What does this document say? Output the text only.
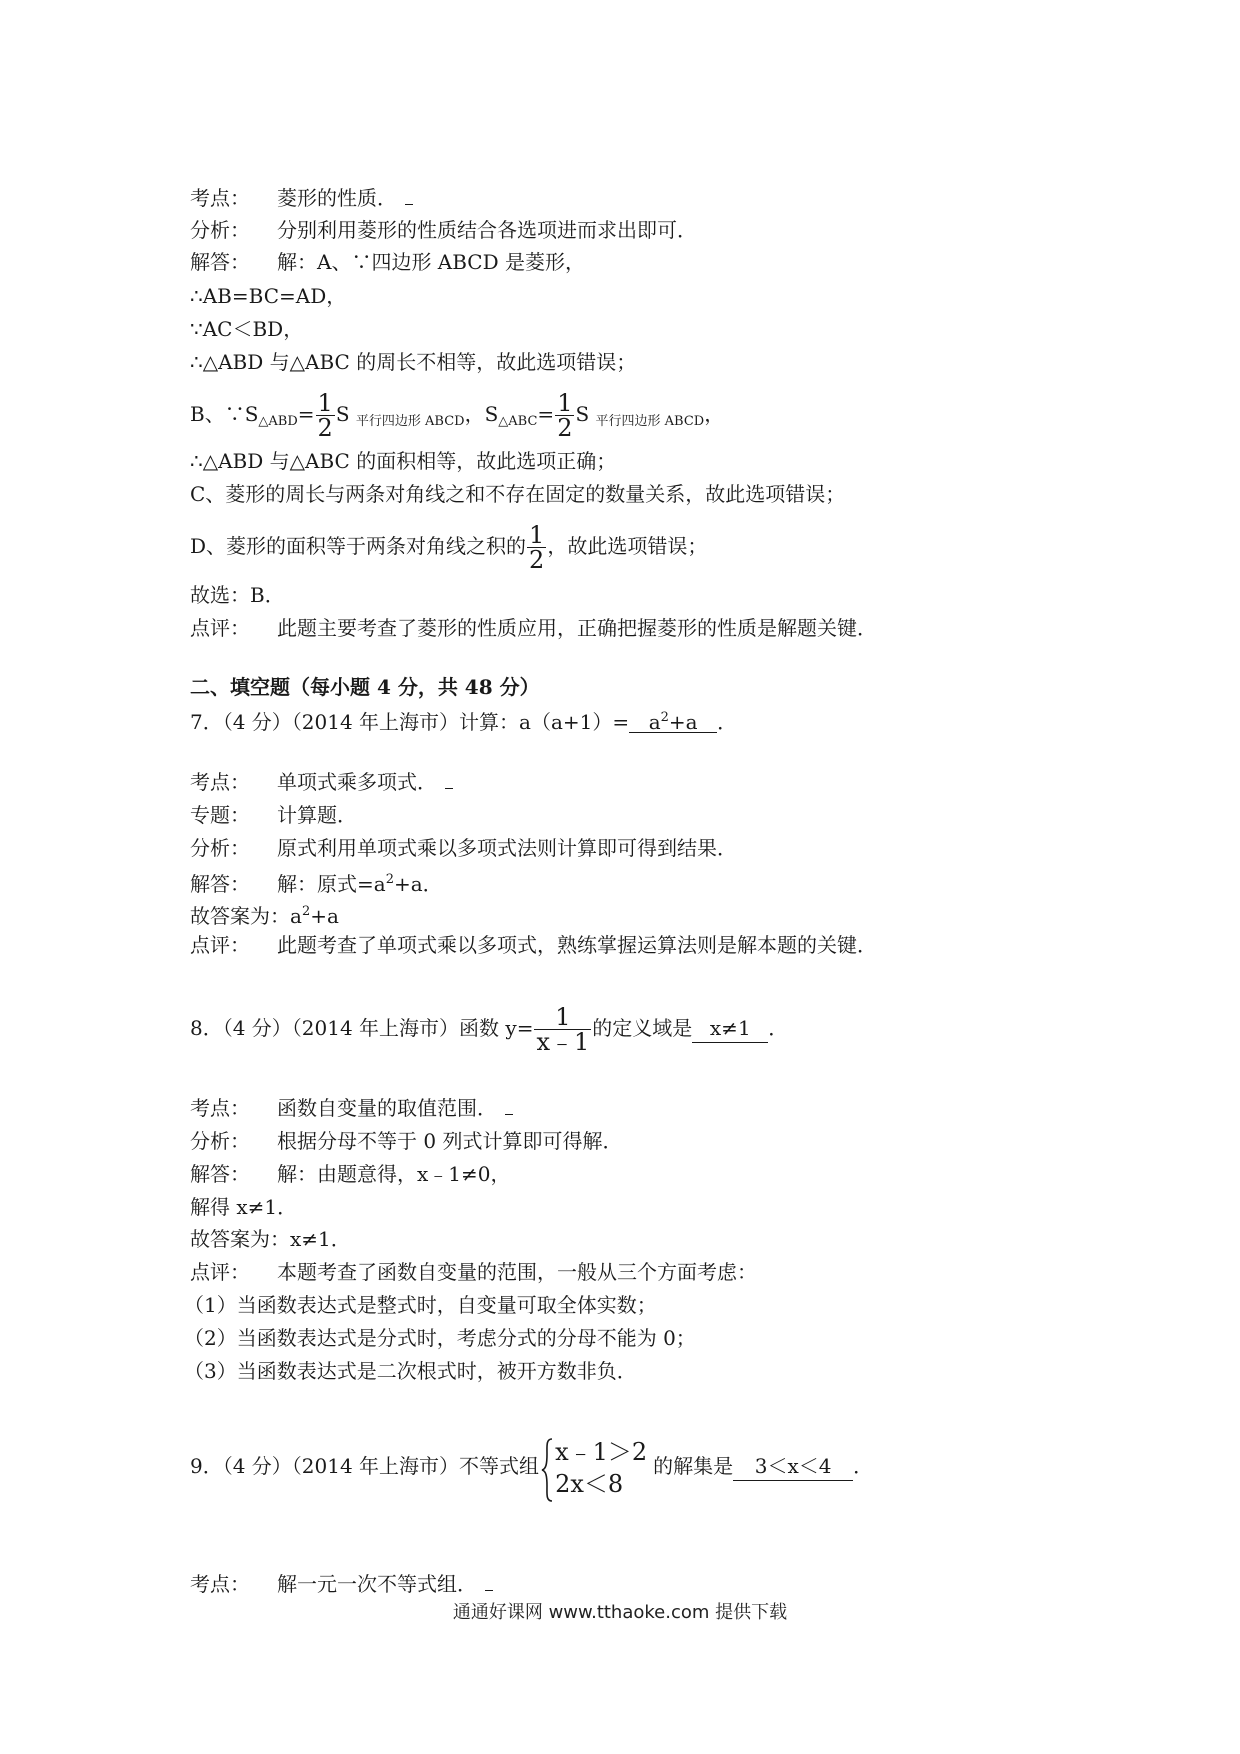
考点： 菱形的性质．
分析： 分别利用菱形的性质结合各选项进而求出即可．
解答： 解：A、∵四边形 ABCD 是菱形，
∴AB=BC=AD，
∵AC＜BD，
∴△ABD 与△ABC 的周长不相等，故此选项错误；
B、$\because S_{\triangle ABD}= \frac{1}{2}$ S $_{平行四边形 ABCD}$，$S_{\triangle ABC}= \frac{1}{2}$ S $_{平行四边形 ABCD}$，
∴△ABD 与△ABC 的面积相等，故此选项正确；
C、菱形的周长与两条对角线之和不存在固定的数量关系，故此选项错误；
D、菱形的面积等于两条对角线之积的 $\frac{1}{2}$ ，故此选项错误；
故选：B．
点评： 此题主要考查了菱形的性质应用，正确把握菱形的性质是解题关键．
二、填空题（每小题 4 分，共 48 分）
7．（4 分）（2014 年上海市）计算：$a(a+1)= a^2+a$ ．
考点： 单项式乘多项式．
专题： 计算题．
分析： 原式利用单项式乘以多项式法则计算即可得到结果．
解答： 解：原式$=a^2+a$．
故答案为：$a^2+a$
点评： 此题考查了单项式乘以多项式，熟练掌握运算法则是解本题的关键．
8．（4 分）（2014 年上海市）函数 $y= \frac{1}{x﹣1}$ 的定义域是 x≠1 ．
考点： 函数自变量的取值范围．
分析： 根据分母不等于 0 列式计算即可得解．
解答： 解：由题意得，x﹣1≠0，
解得 x≠1．
故答案为：x≠1．
点评： 本题考查了函数自变量的范围，一般从三个方面考虑：
（1）当函数表达式是整式时，自变量可取全体实数；
（2）当函数表达式是分式时，考虑分式的分母不能为 0；
（3）当函数表达式是二次根式时，被开方数非负．
9．（4 分）（2014 年上海市）不等式组
x﹣1＞2
2x＜8
的解集是 3＜x＜4 ．
考点： 解一元一次不等式组．
通通好课网 www.tthaoke.com 提供下载
